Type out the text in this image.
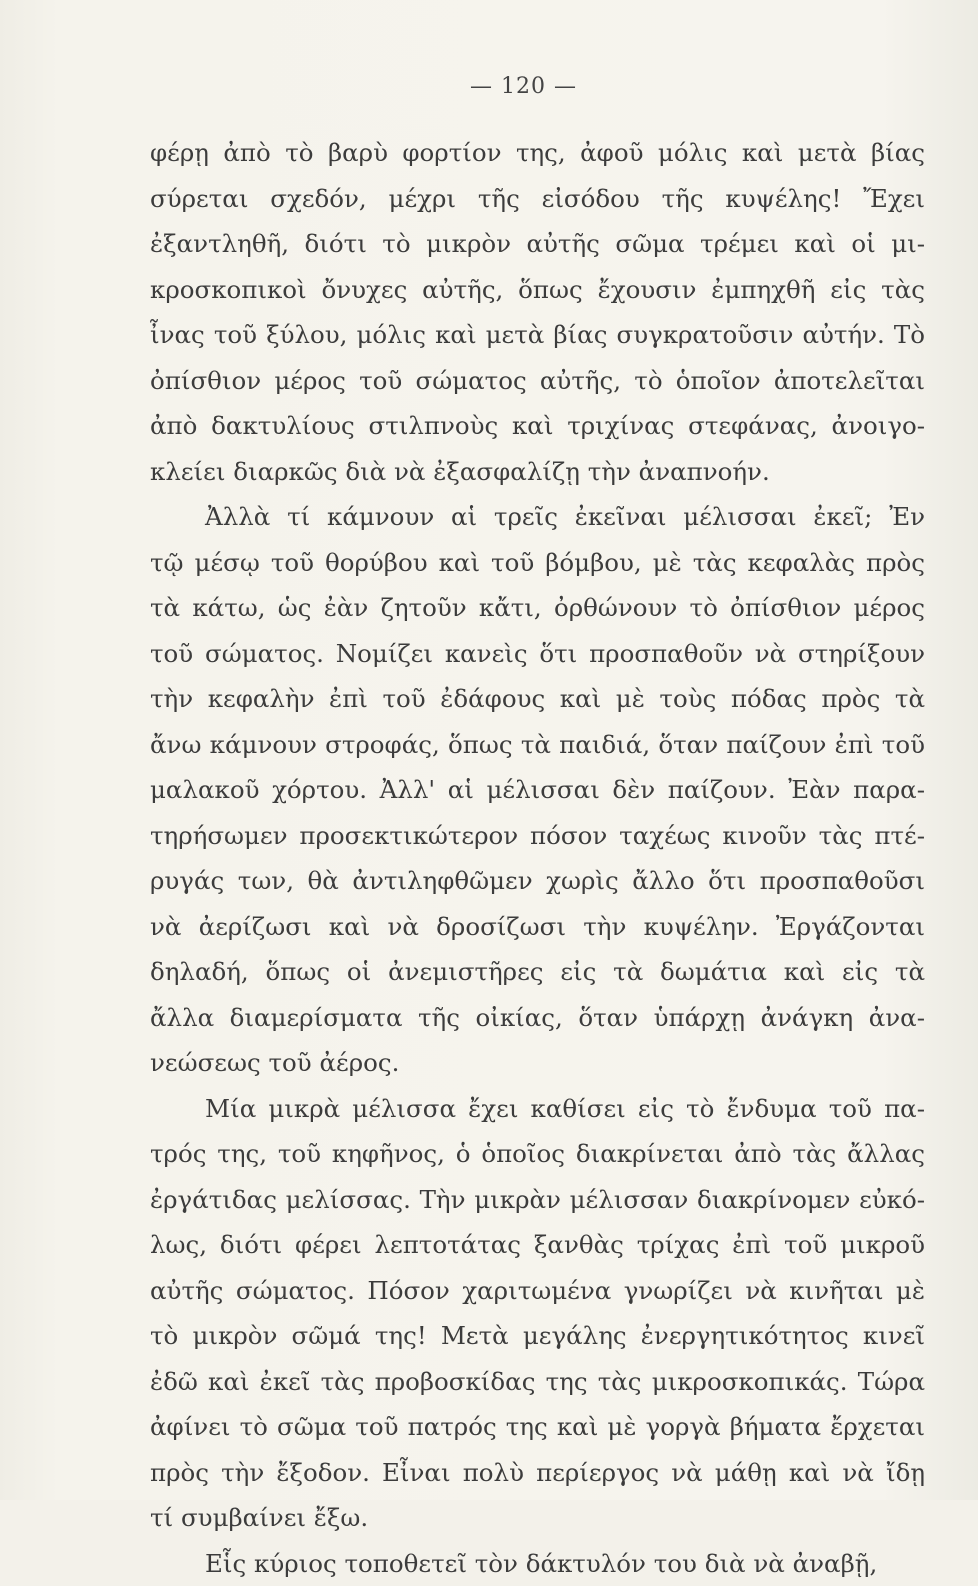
— 120 —
φέρῃ ἀπὸ τὸ βαρὺ φορτίον της, ἀφοῦ μόλις καὶ μετὰ βίας
σύρεται σχεδόν, μέχρι τῆς εἰσόδου τῆς κυψέλης! Ἔχει
ἐξαντληθῆ, διότι τὸ μικρὸν αὐτῆς σῶμα τρέμει καὶ οἱ μι-
κροσκοπικοὶ ὄνυχες αὐτῆς, ὅπως ἔχουσιν ἐμπηχθῆ εἰς τὰς
ἶνας τοῦ ξύλου, μόλις καὶ μετὰ βίας συγκρατοῦσιν αὐτήν. Τὸ
ὀπίσθιον μέρος τοῦ σώματος αὐτῆς, τὸ ὁποῖον ἀποτελεῖται
ἀπὸ δακτυλίους στιλπνοὺς καὶ τριχίνας στεφάνας, ἀνοιγο-
κλείει διαρκῶς διὰ νὰ ἐξασφαλίζῃ τὴν ἀναπνοήν.
Ἀλλὰ τί κάμνουν αἱ τρεῖς ἐκεῖναι μέλισσαι ἐκεῖ; Ἐν
τῷ μέσῳ τοῦ θορύβου καὶ τοῦ βόμβου, μὲ τὰς κεφαλὰς πρὸς
τὰ κάτω, ὡς ἐὰν ζητοῦν κἄτι, ὀρθώνουν τὸ ὀπίσθιον μέρος
τοῦ σώματος. Νομίζει κανεὶς ὅτι προσπαθοῦν νὰ στηρίξουν
τὴν κεφαλὴν ἐπὶ τοῦ ἐδάφους καὶ μὲ τοὺς πόδας πρὸς τὰ
ἄνω κάμνουν στροφάς, ὅπως τὰ παιδιά, ὅταν παίζουν ἐπὶ τοῦ
μαλακοῦ χόρτου. Ἀλλ' αἱ μέλισσαι δὲν παίζουν. Ἐὰν παρα-
τηρήσωμεν προσεκτικώτερον πόσον ταχέως κινοῦν τὰς πτέ-
ρυγάς των, θὰ ἀντιληφθῶμεν χωρὶς ἄλλο ὅτι προσπαθοῦσι
νὰ ἀερίζωσι καὶ νὰ δροσίζωσι τὴν κυψέλην. Ἐργάζονται
δηλαδή, ὅπως οἱ ἀνεμιστῆρες εἰς τὰ δωμάτια καὶ εἰς τὰ
ἄλλα διαμερίσματα τῆς οἰκίας, ὅταν ὑπάρχῃ ἀνάγκη ἀνα-
νεώσεως τοῦ ἀέρος.
Μία μικρὰ μέλισσα ἔχει καθίσει εἰς τὸ ἔνδυμα τοῦ πα-
τρός της, τοῦ κηφῆνος, ὁ ὁποῖος διακρίνεται ἀπὸ τὰς ἄλλας
ἐργάτιδας μελίσσας. Τὴν μικρὰν μέλισσαν διακρίνομεν εὐκό-
λως, διότι φέρει λεπτοτάτας ξανθὰς τρίχας ἐπὶ τοῦ μικροῦ
αὐτῆς σώματος. Πόσον χαριτωμένα γνωρίζει νὰ κινῆται μὲ
τὸ μικρὸν σῶμά της! Μετὰ μεγάλης ἐνεργητικότητος κινεῖ
ἐδῶ καὶ ἐκεῖ τὰς προβοσκίδας της τὰς μικροσκοπικάς. Τώρα
ἀφίνει τὸ σῶμα τοῦ πατρός της καὶ μὲ γοργὰ βήματα ἔρχεται
πρὸς τὴν ἔξοδον. Εἶναι πολὺ περίεργος νὰ μάθῃ καὶ νὰ ἴδῃ
τί συμβαίνει ἔξω.
Εἷς κύριος τοποθετεῖ τὸν δάκτυλόν του διὰ νὰ ἀναβῇ,
